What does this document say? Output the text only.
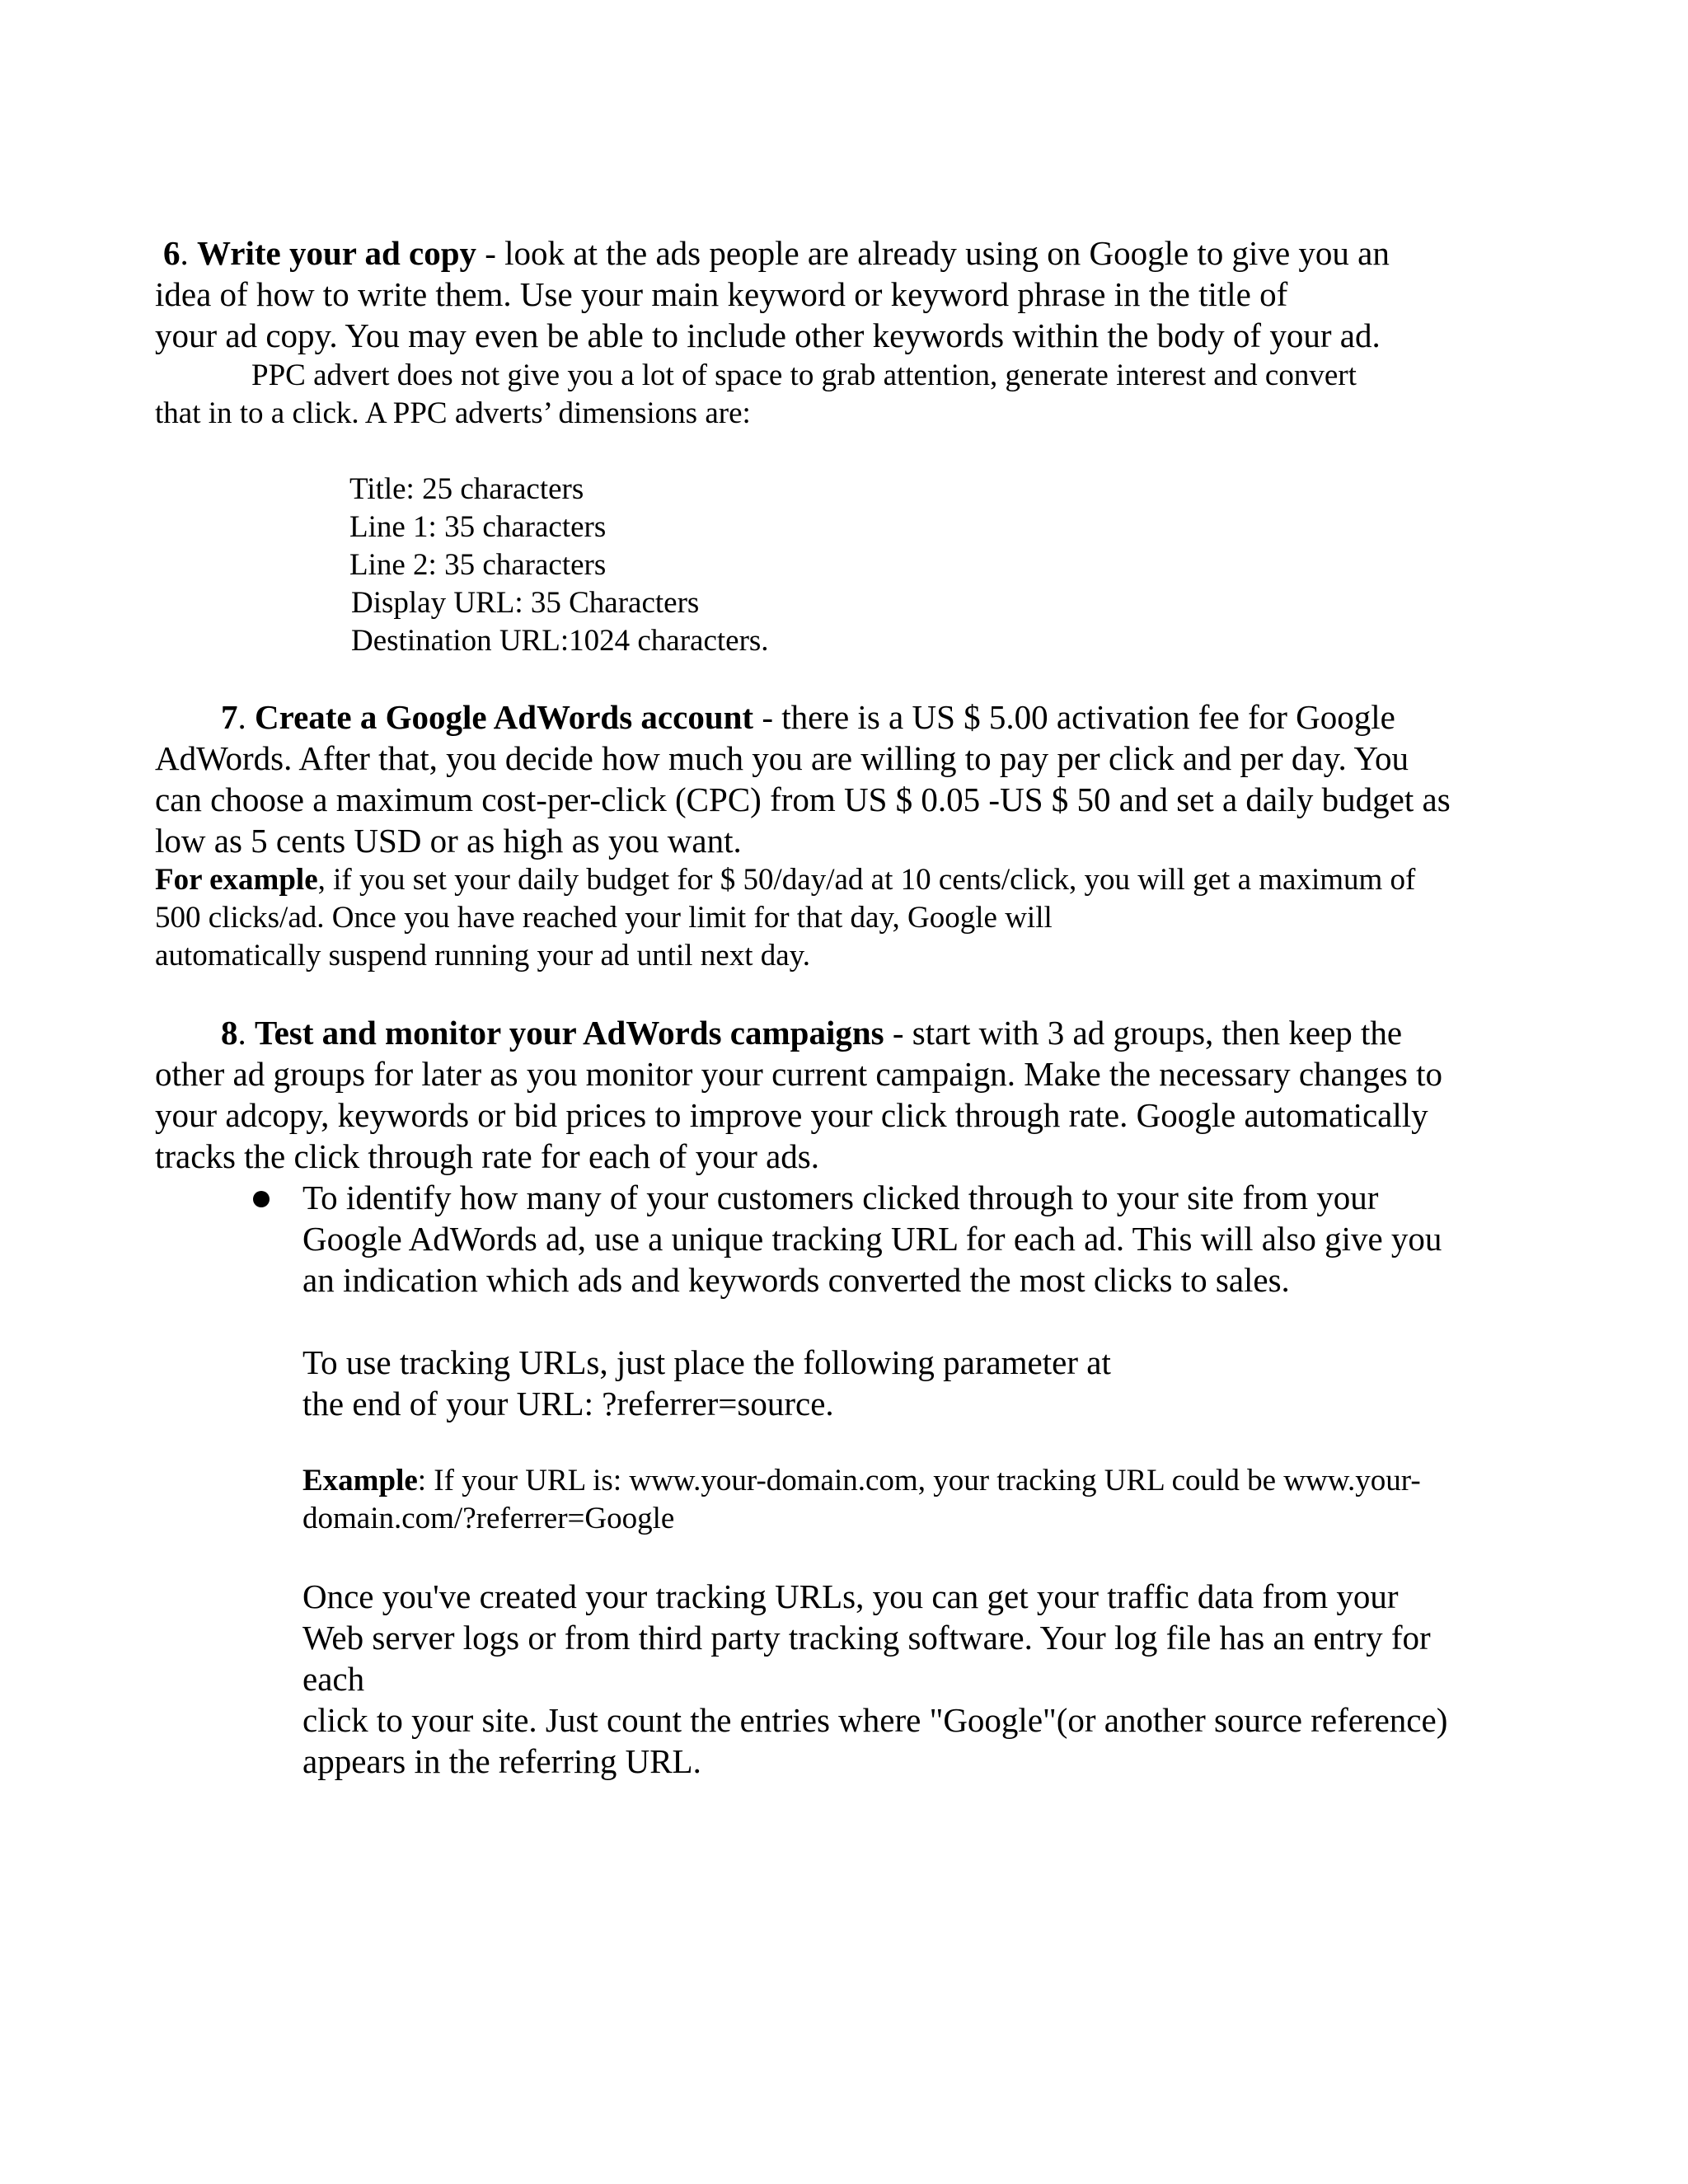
6. Write your ad copy - look at the ads people are already using on Google to give you an
idea of how to write them. Use your main keyword or keyword phrase in the title of
your ad copy. You may even be able to include other keywords within the body of your ad.
PPC advert does not give you a lot of space to grab attention, generate interest and convert
that in to a click. A PPC adverts’ dimensions are:
Title: 25 characters
Line 1: 35 characters
Line 2: 35 characters
Display URL: 35 Characters
Destination URL:1024 characters.
7. Create a Google AdWords account - there is a US $ 5.00 activation fee for Google
AdWords. After that, you decide how much you are willing to pay per click and per day. You
can choose a maximum cost-per-click (CPC) from US $ 0.05 -US $ 50 and set a daily budget as
low as 5 cents USD or as high as you want.
For example, if you set your daily budget for $ 50/day/ad at 10 cents/click, you will get a maximum of
500 clicks/ad. Once you have reached your limit for that day, Google will
automatically suspend running your ad until next day.
8. Test and monitor your AdWords campaigns - start with 3 ad groups, then keep the
other ad groups for later as you monitor your current campaign. Make the necessary changes to
your adcopy, keywords or bid prices to improve your click through rate. Google automatically
tracks the click through rate for each of your ads.
To identify how many of your customers clicked through to your site from your
Google AdWords ad, use a unique tracking URL for each ad. This will also give you
an indication which ads and keywords converted the most clicks to sales.
To use tracking URLs, just place the following parameter at
the end of your URL: ?referrer=source.
Example: If your URL is: www.your-domain.com, your tracking URL could be www.your-
domain.com/?referrer=Google
Once you've created your tracking URLs, you can get your traffic data from your
Web server logs or from third party tracking software. Your log file has an entry for
each
click to your site. Just count the entries where "Google"(or another source reference)
appears in the referring URL.
